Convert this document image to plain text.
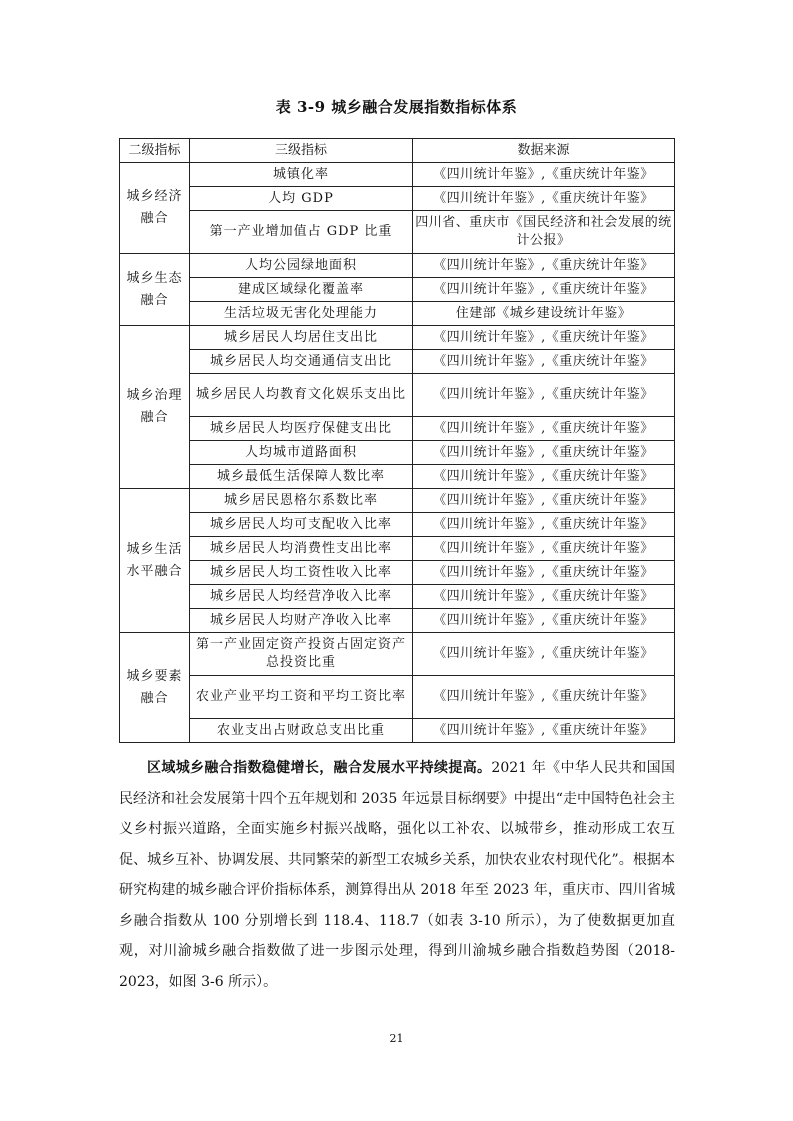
表 3-9 城乡融合发展指数指标体系
二级指标	三级指标	数据来源
城乡经济融合	城镇化率	《四川统计年鉴》,《重庆统计年鉴》
	人均 GDP	《四川统计年鉴》,《重庆统计年鉴》
	第一产业增加值占 GDP 比重	四川省、重庆市《国民经济和社会发展的统计公报》
城乡生态融合	人均公园绿地面积	《四川统计年鉴》,《重庆统计年鉴》
	建成区域绿化覆盖率	《四川统计年鉴》,《重庆统计年鉴》
	生活垃圾无害化处理能力	住建部《城乡建设统计年鉴》
城乡治理融合	城乡居民人均居住支出比	《四川统计年鉴》,《重庆统计年鉴》
	城乡居民人均交通通信支出比	《四川统计年鉴》,《重庆统计年鉴》
	城乡居民人均教育文化娱乐支出比	《四川统计年鉴》,《重庆统计年鉴》
	城乡居民人均医疗保健支出比	《四川统计年鉴》,《重庆统计年鉴》
	人均城市道路面积	《四川统计年鉴》,《重庆统计年鉴》
	城乡最低生活保障人数比率	《四川统计年鉴》,《重庆统计年鉴》
城乡生活水平融合	城乡居民恩格尔系数比率	《四川统计年鉴》,《重庆统计年鉴》
	城乡居民人均可支配收入比率	《四川统计年鉴》,《重庆统计年鉴》
	城乡居民人均消费性支出比率	《四川统计年鉴》,《重庆统计年鉴》
	城乡居民人均工资性收入比率	《四川统计年鉴》,《重庆统计年鉴》
	城乡居民人均经营净收入比率	《四川统计年鉴》,《重庆统计年鉴》
	城乡居民人均财产净收入比率	《四川统计年鉴》,《重庆统计年鉴》
城乡要素融合	第一产业固定资产投资占固定资产总投资比重	《四川统计年鉴》,《重庆统计年鉴》
	农业产业平均工资和平均工资比率	《四川统计年鉴》,《重庆统计年鉴》
	农业支出占财政总支出比重	《四川统计年鉴》,《重庆统计年鉴》

区域城乡融合指数稳健增长，融合发展水平持续提高。2021 年《中华人民共和国国民经济和社会发展第十四个五年规划和 2035 年远景目标纲要》中提出“走中国特色社会主义乡村振兴道路，全面实施乡村振兴战略，强化以工补农、以城带乡，推动形成工农互促、城乡互补、协调发展、共同繁荣的新型工农城乡关系，加快农业农村现代化”。根据本研究构建的城乡融合评价指标体系，测算得出从 2018 年至 2023 年，重庆市、四川省城乡融合指数从 100 分别增长到 118.4、118.7（如表 3-10 所示），为了使数据更加直观，对川渝城乡融合指数做了进一步图示处理，得到川渝城乡融合指数趋势图（2018-2023，如图 3-6 所示）。

21
